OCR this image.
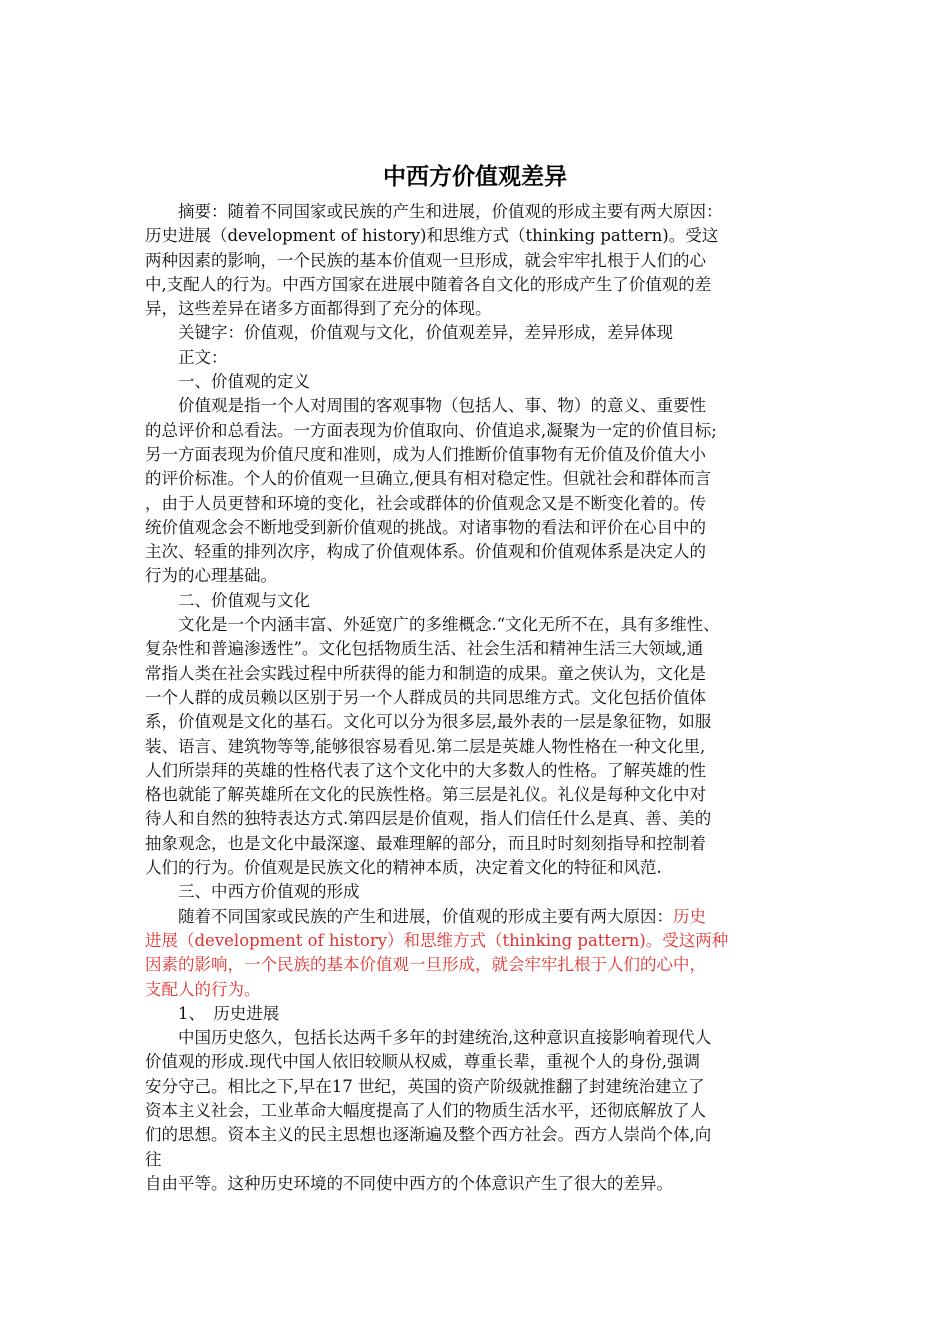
中西方价值观差异

　　摘要：随着不同国家或民族的产生和进展，价值观的形成主要有两大原因：

历史进展（development of history)和思维方式（thinking pattern)。受这

两种因素的影响，一个民族的基本价值观一旦形成，就会牢牢扎根于人们的心

中,支配人的行为。中西方国家在进展中随着各自文化的形成产生了价值观的差

异，这些差异在诸多方面都得到了充分的体现。

　　关键字：价值观，价值观与文化，价值观差异，差异形成，差异体现

　　正文：

　　一、价值观的定义

　　价值观是指一个人对周围的客观事物（包括人、事、物）的意义、重要性

的总评价和总看法。一方面表现为价值取向、价值追求,凝聚为一定的价值目标;

另一方面表现为价值尺度和准则，成为人们推断价值事物有无价值及价值大小

的评价标准。个人的价值观一旦确立,便具有相对稳定性。但就社会和群体而言

，由于人员更替和环境的变化，社会或群体的价值观念又是不断变化着的。传

统价值观念会不断地受到新价值观的挑战。对诸事物的看法和评价在心目中的

主次、轻重的排列次序，构成了价值观体系。价值观和价值观体系是决定人的

行为的心理基础。

　　二、价值观与文化

　　文化是一个内涵丰富、外延宽广的多维概念.“文化无所不在，具有多维性、

复杂性和普遍渗透性”。文化包括物质生活、社会生活和精神生活三大领域,通

常指人类在社会实践过程中所获得的能力和制造的成果。童之侠认为，文化是

一个人群的成员赖以区别于另一个人群成员的共同思维方式。文化包括价值体

系，价值观是文化的基石。文化可以分为很多层,最外表的一层是象征物，如服

装、语言、建筑物等等,能够很容易看见.第二层是英雄人物性格在一种文化里,

人们所崇拜的英雄的性格代表了这个文化中的大多数人的性格。了解英雄的性

格也就能了解英雄所在文化的民族性格。第三层是礼仪。礼仪是每种文化中对

待人和自然的独特表达方式.第四层是价值观，指人们信任什么是真、善、美的

抽象观念，也是文化中最深邃、最难理解的部分，而且时时刻刻指导和控制着

人们的行为。价值观是民族文化的精神本质，决定着文化的特征和风范.

　　三、中西方价值观的形成

　　随着不同国家或民族的产生和进展，价值观的形成主要有两大原因：历史

进展（development of history）和思维方式（thinking pattern)。受这两种

因素的影响，一个民族的基本价值观一旦形成，就会牢牢扎根于人们的心中，

支配人的行为。

　　1、　历史进展

　　中国历史悠久，包括长达两千多年的封建统治,这种意识直接影响着现代人

价值观的形成.现代中国人依旧较顺从权威，尊重长辈，重视个人的身份,强调

安分守己。相比之下,早在17 世纪，英国的资产阶级就推翻了封建统治建立了

资本主义社会，工业革命大幅度提高了人们的物质生活水平，还彻底解放了人

们的思想。资本主义的民主思想也逐渐遍及整个西方社会。西方人崇尚个体,向

往

自由平等。这种历史环境的不同使中西方的个体意识产生了很大的差异。
